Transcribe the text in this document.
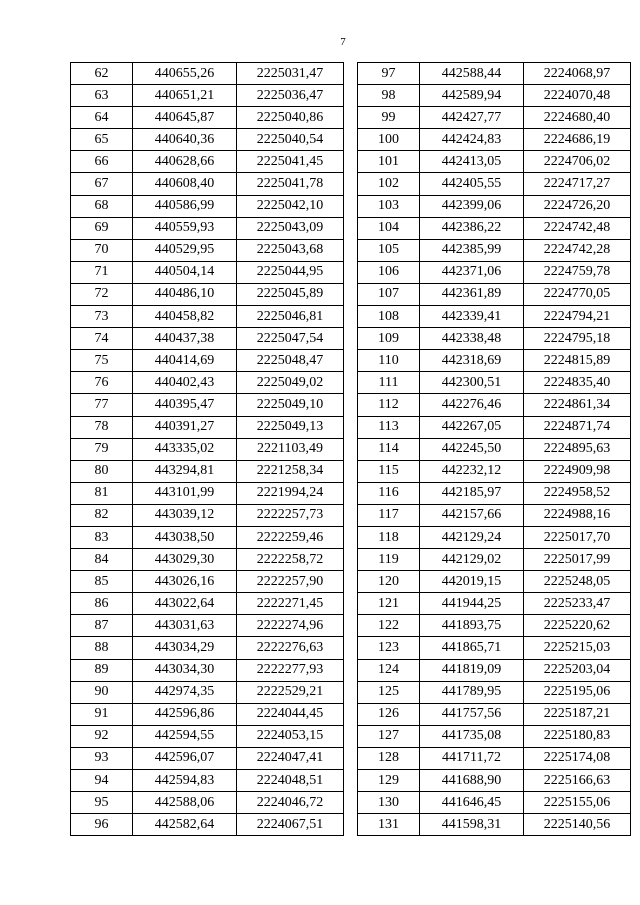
7
62	440655,26	2225031,47
63	440651,21	2225036,47
64	440645,87	2225040,86
65	440640,36	2225040,54
66	440628,66	2225041,45
67	440608,40	2225041,78
68	440586,99	2225042,10
69	440559,93	2225043,09
70	440529,95	2225043,68
71	440504,14	2225044,95
72	440486,10	2225045,89
73	440458,82	2225046,81
74	440437,38	2225047,54
75	440414,69	2225048,47
76	440402,43	2225049,02
77	440395,47	2225049,10
78	440391,27	2225049,13
79	443335,02	2221103,49
80	443294,81	2221258,34
81	443101,99	2221994,24
82	443039,12	2222257,73
83	443038,50	2222259,46
84	443029,30	2222258,72
85	443026,16	2222257,90
86	443022,64	2222271,45
87	443031,63	2222274,96
88	443034,29	2222276,63
89	443034,30	2222277,93
90	442974,35	2222529,21
91	442596,86	2224044,45
92	442594,55	2224053,15
93	442596,07	2224047,41
94	442594,83	2224048,51
95	442588,06	2224046,72
96	442582,64	2224067,51
97	442588,44	2224068,97
98	442589,94	2224070,48
99	442427,77	2224680,40
100	442424,83	2224686,19
101	442413,05	2224706,02
102	442405,55	2224717,27
103	442399,06	2224726,20
104	442386,22	2224742,48
105	442385,99	2224742,28
106	442371,06	2224759,78
107	442361,89	2224770,05
108	442339,41	2224794,21
109	442338,48	2224795,18
110	442318,69	2224815,89
111	442300,51	2224835,40
112	442276,46	2224861,34
113	442267,05	2224871,74
114	442245,50	2224895,63
115	442232,12	2224909,98
116	442185,97	2224958,52
117	442157,66	2224988,16
118	442129,24	2225017,70
119	442129,02	2225017,99
120	442019,15	2225248,05
121	441944,25	2225233,47
122	441893,75	2225220,62
123	441865,71	2225215,03
124	441819,09	2225203,04
125	441789,95	2225195,06
126	441757,56	2225187,21
127	441735,08	2225180,83
128	441711,72	2225174,08
129	441688,90	2225166,63
130	441646,45	2225155,06
131	441598,31	2225140,56
